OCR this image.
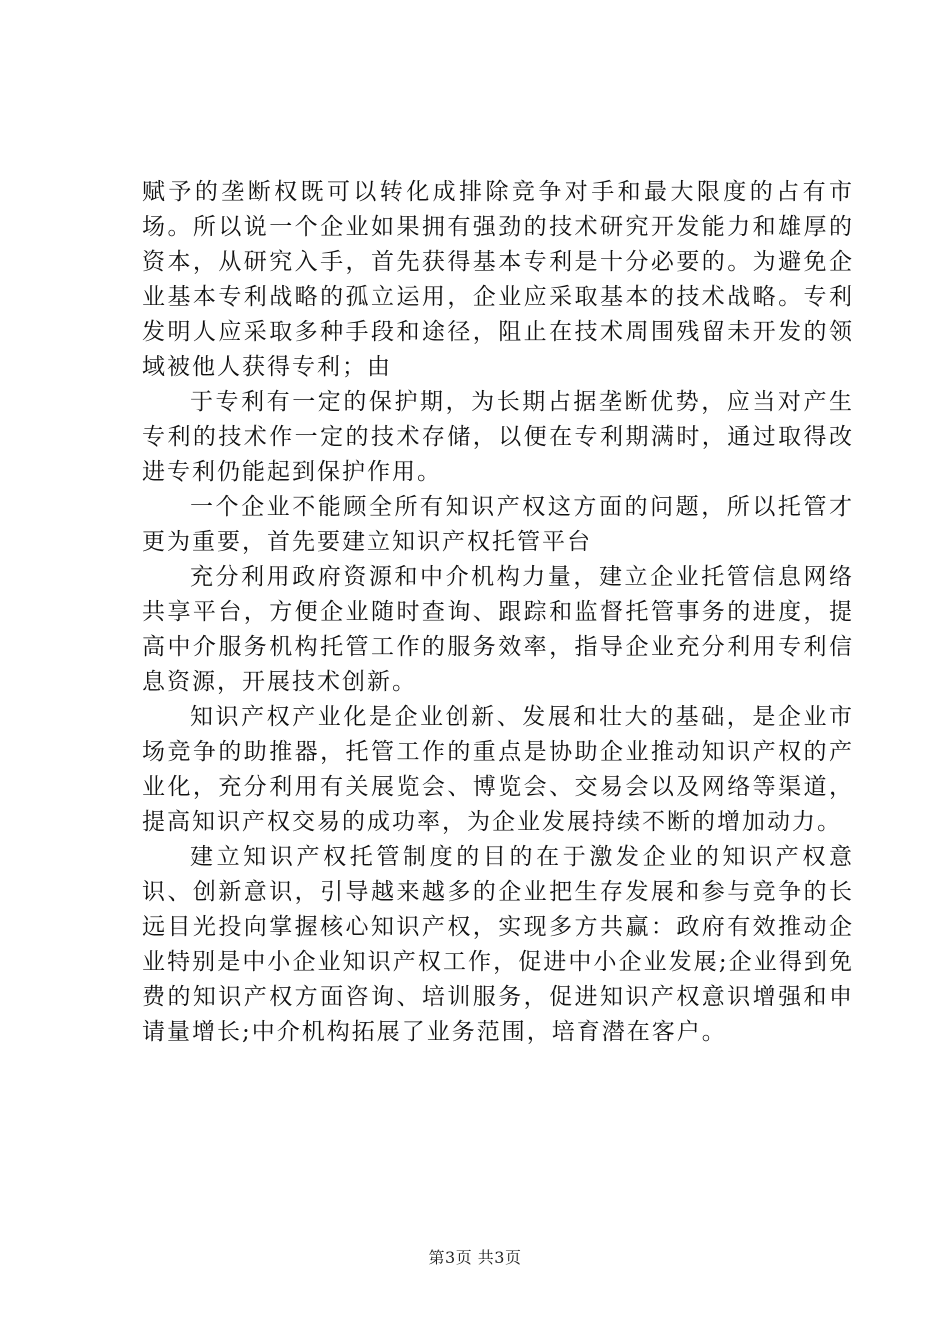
赋予的垄断权既可以转化成排除竞争对手和最大限度的占有市场。所以说一个企业如果拥有强劲的技术研究开发能力和雄厚的资本，从研究入手，首先获得基本专利是十分必要的。为避免企业基本专利战略的孤立运用，企业应采取基本的技术战略。专利发明人应采取多种手段和途径，阻止在技术周围残留未开发的领域被他人获得专利；由

于专利有一定的保护期，为长期占据垄断优势，应当对产生专利的技术作一定的技术存储，以便在专利期满时，通过取得改进专利仍能起到保护作用。

一个企业不能顾全所有知识产权这方面的问题，所以托管才更为重要，首先要建立知识产权托管平台

充分利用政府资源和中介机构力量，建立企业托管信息网络共享平台，方便企业随时查询、跟踪和监督托管事务的进度，提高中介服务机构托管工作的服务效率，指导企业充分利用专利信息资源，开展技术创新。

知识产权产业化是企业创新、发展和壮大的基础，是企业市场竞争的助推器，托管工作的重点是协助企业推动知识产权的产业化，充分利用有关展览会、博览会、交易会以及网络等渠道，提高知识产权交易的成功率，为企业发展持续不断的增加动力。

建立知识产权托管制度的目的在于激发企业的知识产权意识、创新意识，引导越来越多的企业把生存发展和参与竞争的长远目光投向掌握核心知识产权，实现多方共赢：政府有效推动企业特别是中小企业知识产权工作，促进中小企业发展;企业得到免费的知识产权方面咨询、培训服务，促进知识产权意识增强和申请量增长;中介机构拓展了业务范围，培育潜在客户。

第3页 共3页
